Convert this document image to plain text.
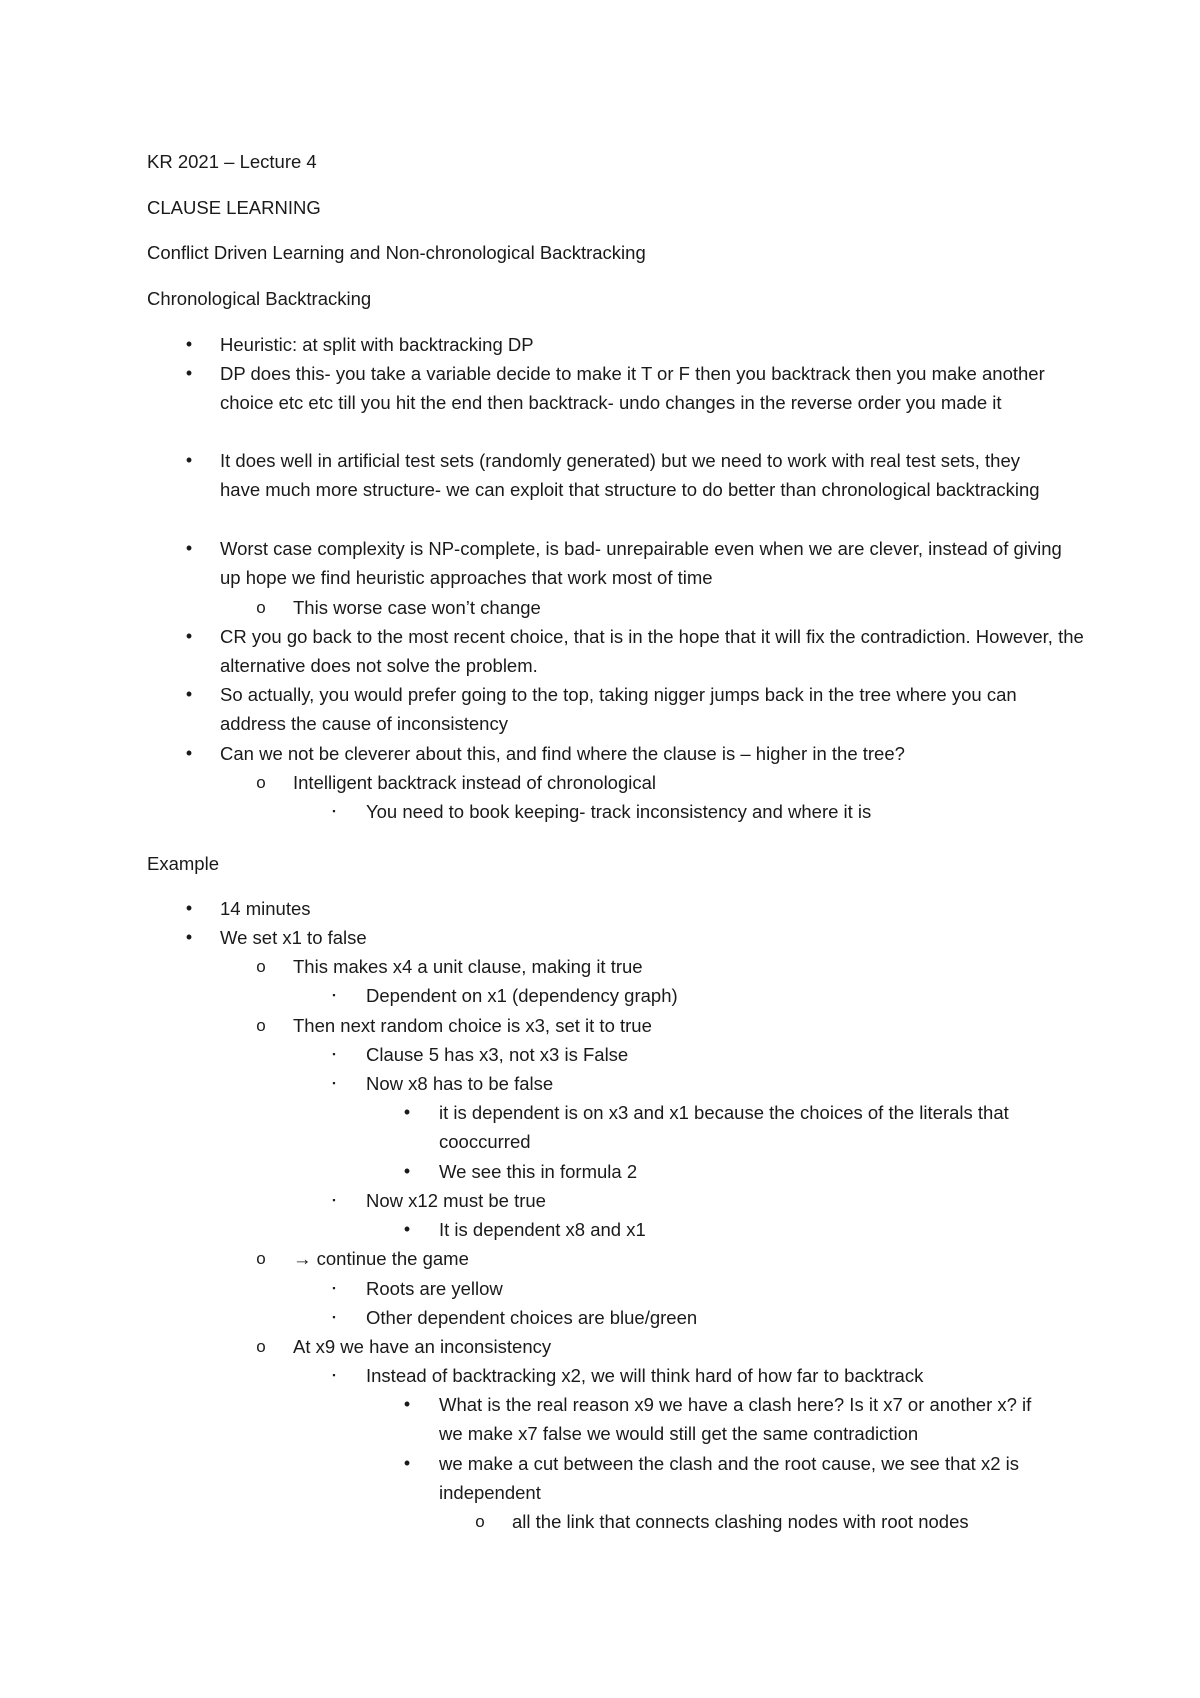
KR 2021 – Lecture 4

CLAUSE LEARNING

Conflict Driven Learning and Non-chronological Backtracking

Chronological Backtracking

•	Heuristic: at split with backtracking DP
•	DP does this- you take a variable decide to make it T or F then you backtrack then you make another choice etc etc till you hit the end then backtrack- undo changes in the reverse order you made it
•	It does well in artificial test sets (randomly generated) but we need to work with real test sets, they have much more structure- we can exploit that structure to do better than chronological backtracking
•	Worst case complexity is NP-complete, is bad- unrepairable even when we are clever, instead of giving up hope we find heuristic approaches that work most of time
o This worse case won’t change
•	CR you go back to the most recent choice, that is in the hope that it will fix the contradiction. However, the alternative does not solve the problem.
•	So actually, you would prefer going to the top, taking nigger jumps back in the tree where you can address the cause of inconsistency
•	Can we not be cleverer about this, and find where the clause is – higher in the tree?
o Intelligent backtrack instead of chronological
▪	You need to book keeping- track inconsistency and where it is

Example

•	14 minutes
•	We set x1 to false
o This makes x4 a unit clause, making it true
▪	Dependent on x1 (dependency graph)
o Then next random choice is x3, set it to true
▪	Clause 5 has x3, not x3 is False
▪	Now x8 has to be false
•	it is dependent is on x3 and x1 because the choices of the literals that cooccurred
•	We see this in formula 2
▪	Now x12 must be true
•	It is dependent x8 and x1
o → continue the game
▪	Roots are yellow
▪	Other dependent choices are blue/green
o At x9 we have an inconsistency
▪	Instead of backtracking x2, we will think hard of how far to backtrack
•	What is the real reason x9 we have a clash here? Is it x7 or another x? if we make x7 false we would still get the same contradiction
•	we make a cut between the clash and the root cause, we see that x2 is independent
o all the link that connects clashing nodes with root nodes
